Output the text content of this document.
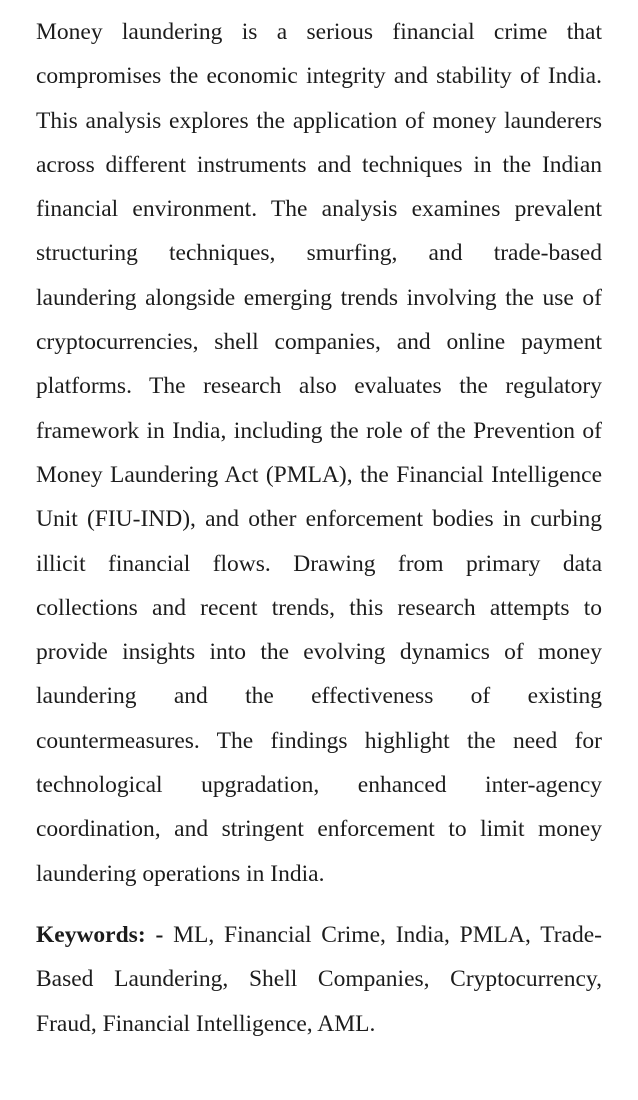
Money laundering is a serious financial crime that compromises the economic integrity and stability of India. This analysis explores the application of money launderers across different instruments and techniques in the Indian financial environment. The analysis examines prevalent structuring techniques, smurfing, and trade-based laundering alongside emerging trends involving the use of cryptocurrencies, shell companies, and online payment platforms. The research also evaluates the regulatory framework in India, including the role of the Prevention of Money Laundering Act (PMLA), the Financial Intelligence Unit (FIU-IND), and other enforcement bodies in curbing illicit financial flows. Drawing from primary data collections and recent trends, this research attempts to provide insights into the evolving dynamics of money laundering and the effectiveness of existing countermeasures. The findings highlight the need for technological upgradation, enhanced inter-agency coordination, and stringent enforcement to limit money laundering operations in India.

Keywords: - ML, Financial Crime, India, PMLA, Trade-Based Laundering, Shell Companies, Cryptocurrency, Fraud, Financial Intelligence, AML.
